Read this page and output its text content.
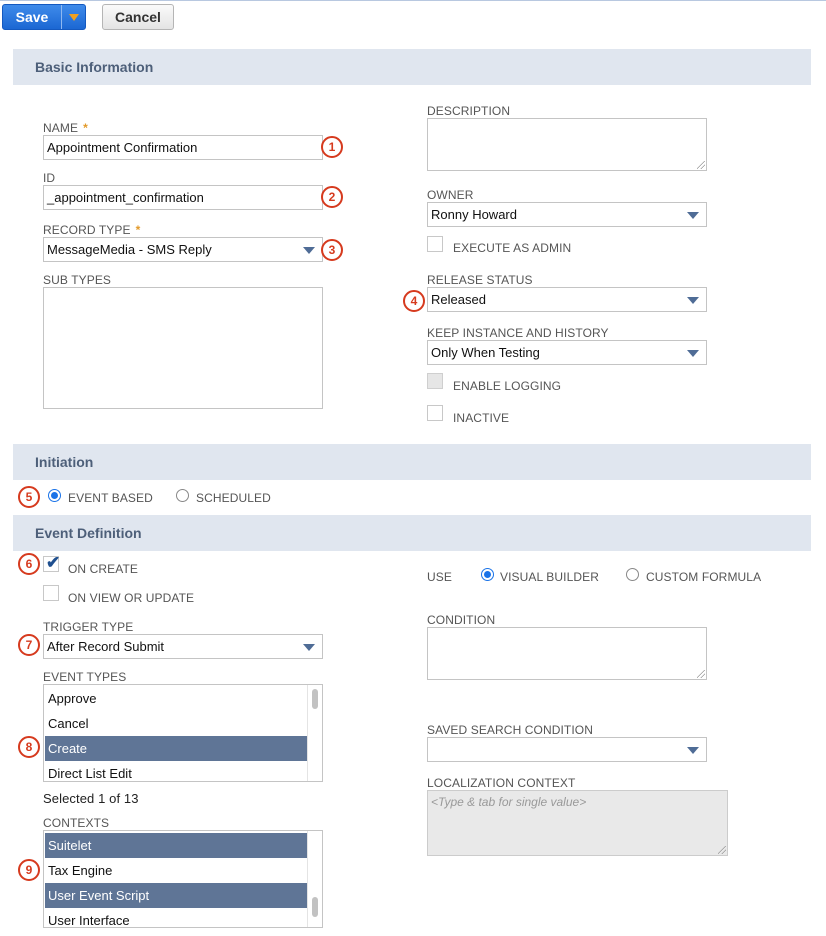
Save	Cancel
Basic Information
NAME *
Appointment Confirmation	1
ID
_appointment_confirmation	2
RECORD TYPE *
MessageMedia - SMS Reply	3
SUB TYPES
DESCRIPTION
OWNER
Ronny Howard
EXECUTE AS ADMIN
RELEASE STATUS
Released
4
KEEP INSTANCE AND HISTORY
Only When Testing
ENABLE LOGGING
INACTIVE
Initiation
5	EVENT BASED	SCHEDULED
Event Definition
6 ✔ ON CREATE
ON VIEW OR UPDATE
TRIGGER TYPE
7	After Record Submit
EVENT TYPES
Approve
Cancel
Create
Direct List Edit
8
Selected 1 of 13
CONTEXTS
Suitelet
Tax Engine
User Event Script
User Interface
9
USE	VISUAL BUILDER	CUSTOM FORMULA
CONDITION
SAVED SEARCH CONDITION
LOCALIZATION CONTEXT
<Type & tab for single value>
